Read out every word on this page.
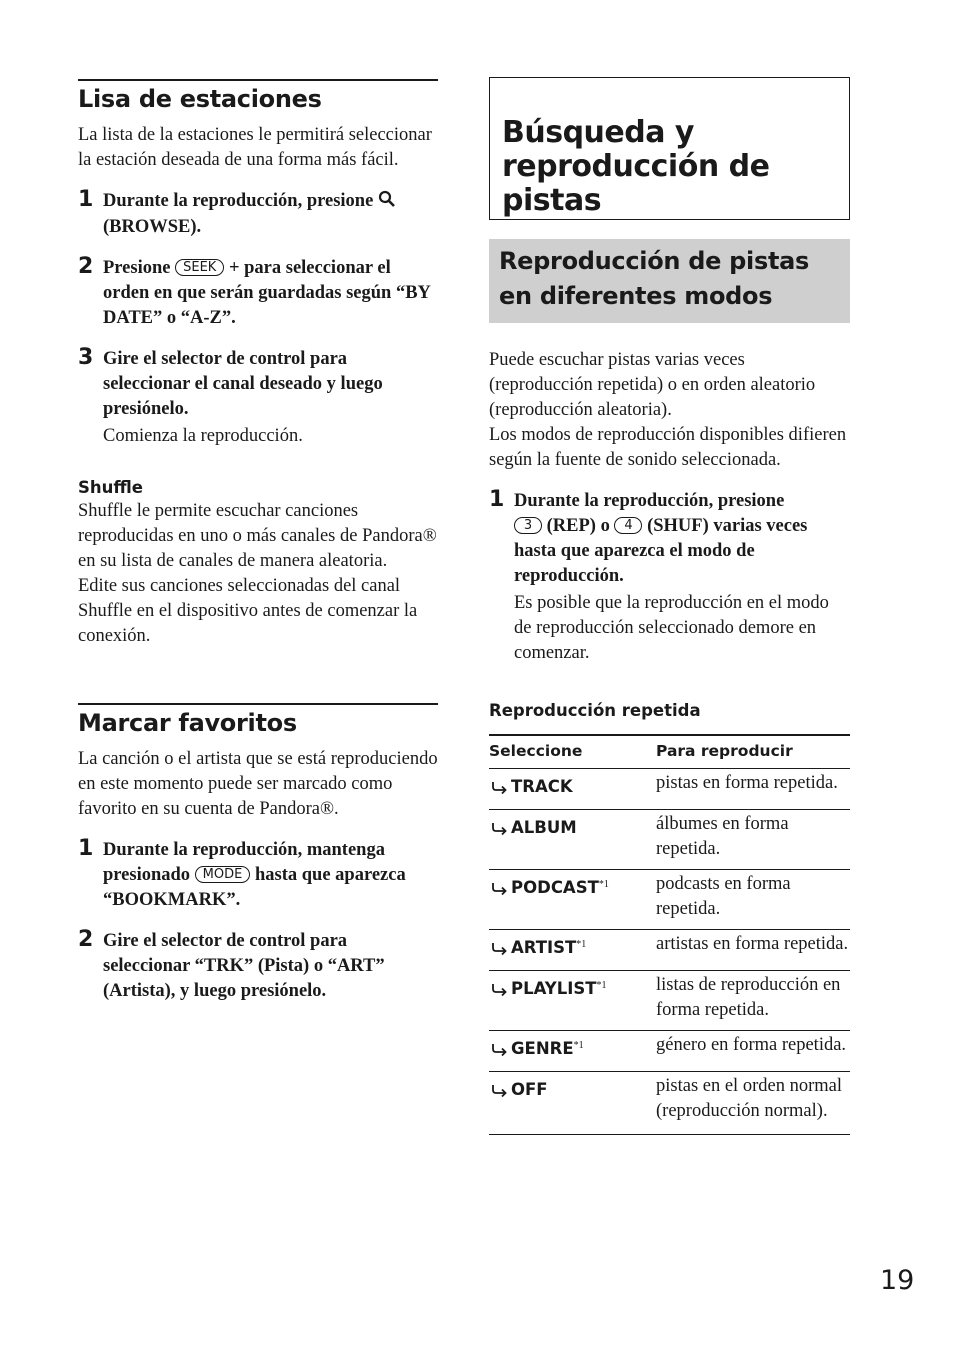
Lisa de estaciones

La lista de la estaciones le permitirá seleccionar la estación deseada de una forma más fácil.

1 Durante la reproducción, presione
(BROWSE).
2 Presione SEEK + para seleccionar el orden en que serán guardadas según “BY DATE” o “A-Z”.
3 Gire el selector de control para seleccionar el canal deseado y luego presiónelo.
Comienza la reproducción.

Shuffle

Shuffle le permite escuchar canciones reproducidas en uno o más canales de Pandora® en su lista de canales de manera aleatoria.

Edite sus canciones seleccionadas del canal Shuffle en el dispositivo antes de comenzar la conexión.

Marcar favoritos

La canción o el artista que se está reproduciendo en este momento puede ser marcado como favorito en su cuenta de Pandora®.

1 Durante la reproducción, mantenga presionado MODE hasta que aparezca “BOOKMARK”.
2 Gire el selector de control para seleccionar “TRK” (Pista) o “ART” (Artista), y luego presiónelo.
Búsqueda y reproducción de pistas
Reproducción de pistas en diferentes modos

Puede escuchar pistas varias veces (reproducción repetida) o en orden aleatorio (reproducción aleatoria).

Los modos de reproducción disponibles difieren según la fuente de sonido seleccionada.

1 Durante la reproducción, presione
3 (REP) o 4 (SHUF) varias veces hasta que aparezca el modo de reproducción.
Es posible que la reproducción en el modo de reproducción seleccionado demore en comenzar.

Reproducción repetida

Seleccione	Para reproducir
TRACK	pistas en forma repetida.
ALBUM	álbumes en forma repetida.
PODCAST$^{*1}$	podcasts en forma repetida.
ARTIST$^{*1}$	artistas en forma repetida.
PLAYLIST$^{*1}$	listas de reproducción en forma repetida.
GENRE$^{*1}$	género en forma repetida.
OFF	pistas en el orden normal (reproducción normal).
19
